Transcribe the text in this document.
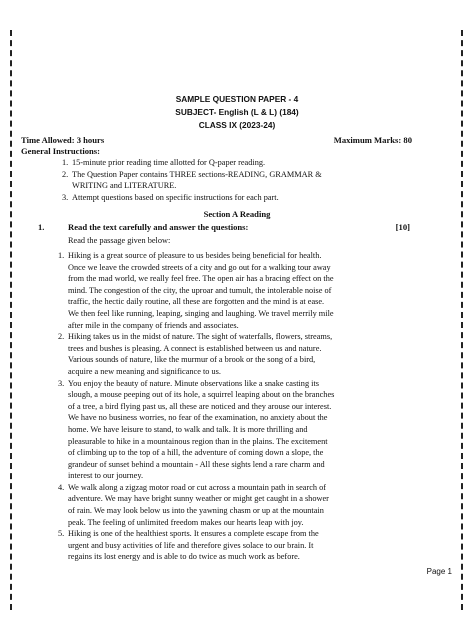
SAMPLE QUESTION PAPER - 4
SUBJECT- English (L & L) (184)
CLASS IX (2023-24)
Time Allowed: 3 hours	Maximum Marks: 80
General Instructions:
1. 15-minute prior reading time allotted for Q-paper reading.
2. The Question Paper contains THREE sections-READING, GRAMMAR &
WRITING and LITERATURE.
3. Attempt questions based on specific instructions for each part.
Section A Reading
1.	Read the text carefully and answer the questions:	[10]
Read the passage given below:
1. Hiking is a great source of pleasure to us besides being beneficial for health.
Once we leave the crowded streets of a city and go out for a walking tour away
from the mad world, we really feel free. The open air has a bracing effect on the
mind. The congestion of the city, the uproar and tumult, the intolerable noise of
traffic, the hectic daily routine, all these are forgotten and the mind is at ease.
We then feel like running, leaping, singing and laughing. We travel merrily mile
after mile in the company of friends and associates.
2. Hiking takes us in the midst of nature. The sight of waterfalls, flowers, streams,
trees and bushes is pleasing. A connect is established between us and nature.
Various sounds of nature, like the murmur of a brook or the song of a bird,
acquire a new meaning and significance to us.
3. You enjoy the beauty of nature. Minute observations like a snake casting its
slough, a mouse peeping out of its hole, a squirrel leaping about on the branches
of a tree, a bird flying past us, all these are noticed and they arouse our interest.
We have no business worries, no fear of the examination, no anxiety about the
home. We have leisure to stand, to walk and talk. It is more thrilling and
pleasurable to hike in a mountainous region than in the plains. The excitement
of climbing up to the top of a hill, the adventure of coming down a slope, the
grandeur of sunset behind a mountain - All these sights lend a rare charm and
interest to our journey.
4. We walk along a zigzag motor road or cut across a mountain path in search of
adventure. We may have bright sunny weather or might get caught in a shower
of rain. We may look below us into the yawning chasm or up at the mountain
peak. The feeling of unlimited freedom makes our hearts leap with joy.
5. Hiking is one of the healthiest sports. It ensures a complete escape from the
urgent and busy activities of life and therefore gives solace to our brain. It
regains its lost energy and is able to do twice as much work as before.
Page 1
